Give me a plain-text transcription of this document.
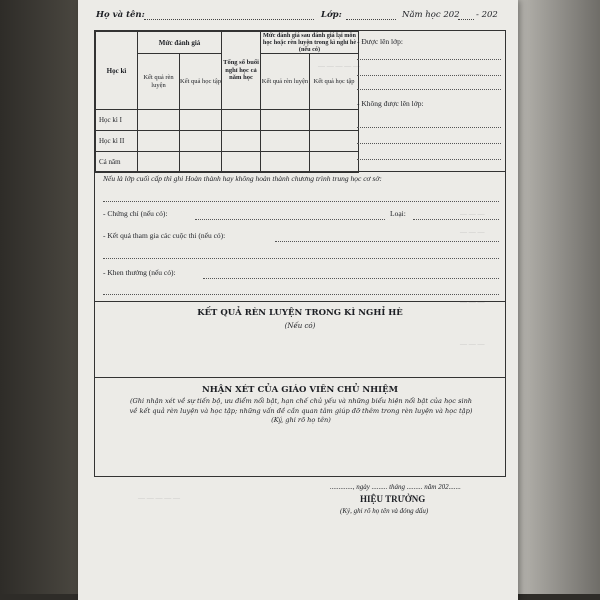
— — — — —
— — —
— — —
— — —
— — —
— — —
— — — — —
Họ và tên:	Lớp:	Năm học 202 - 202
Học kì	Mức đánh giá		Tổng số buổi nghỉ học cả năm học	Mức đánh giá sau đánh giá lại môn học hoặc rèn luyện trong kì nghỉ hè (nếu có)	
	Kết quả rèn luyện	Kết quả học tập		Kết quả rèn luyện	Kết quả học tập
Học kì I					
Học kì II					
Cả năm					
- Được lên lớp:
- Không được lên lớp:
Nếu là lớp cuối cấp thì ghi Hoàn thành hay không hoàn thành chương trình trung học cơ sở:
- Chứng chỉ (nếu có):	Loại:
- Kết quả tham gia các cuộc thi (nếu có):
- Khen thưởng (nếu có):
KẾT QUẢ RÈN LUYỆN TRONG KÌ NGHỈ HÈ
(Nếu có)
NHẬN XÉT CỦA GIÁO VIÊN CHỦ NHIỆM
(Ghi nhận xét về sự tiến bộ, ưu điểm nổi bật, hạn chế chủ yếu và những biểu hiện nổi bật của học sinh
về kết quả rèn luyện và học tập; những vấn đề cần quan tâm giúp đỡ thêm trong rèn luyện và học tập)
(Ký, ghi rõ họ tên)
............., ngày ......... tháng ......... năm 202.......
HIỆU TRƯỞNG
(Ký, ghi rõ họ tên và đóng dấu)
